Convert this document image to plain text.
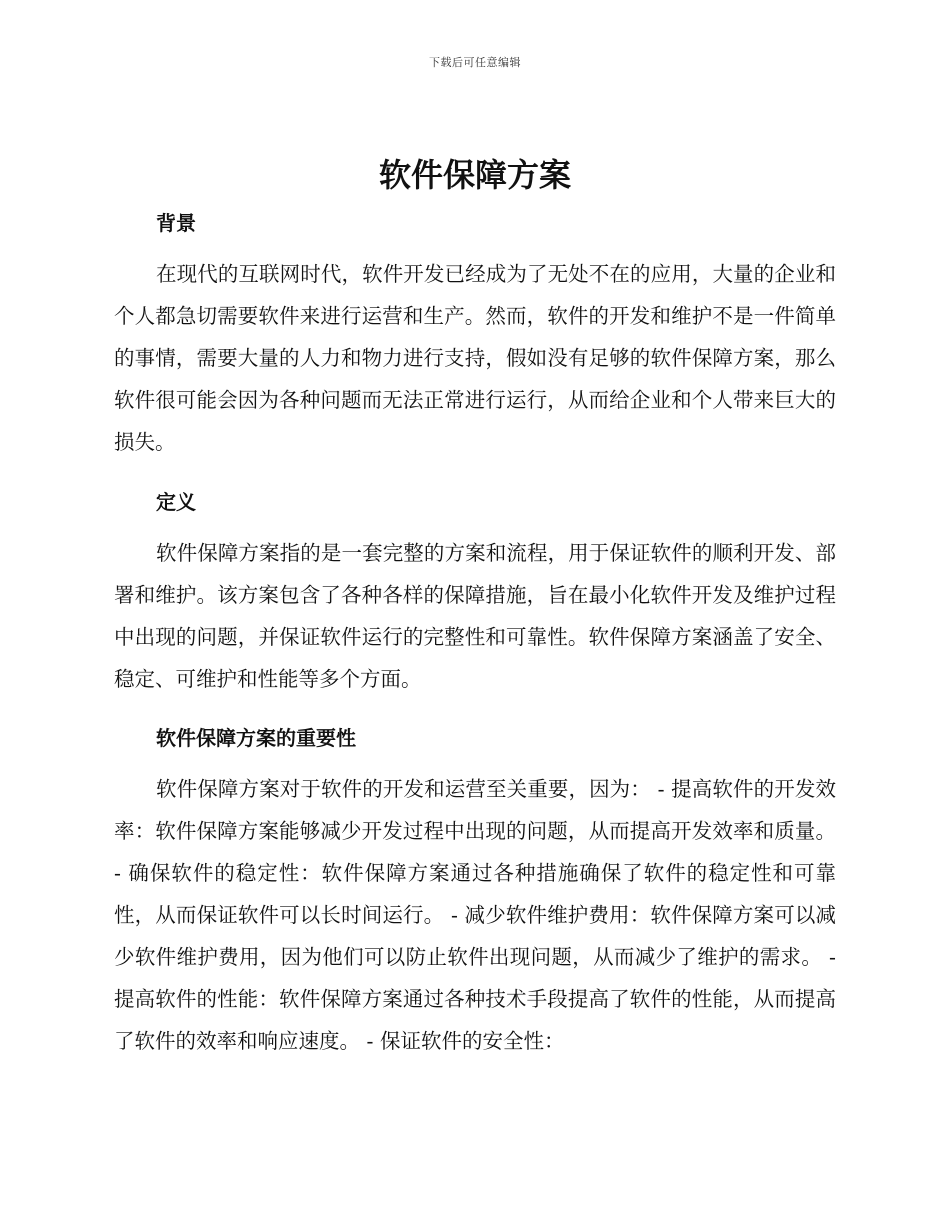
下载后可任意编辑
软件保障方案
背景

在现代的互联网时代，软件开发已经成为了无处不在的应用，大量的企业和个人都急切需要软件来进行运营和生产。然而，软件的开发和维护不是一件简单的事情，需要大量的人力和物力进行支持，假如没有足够的软件保障方案，那么软件很可能会因为各种问题而无法正常进行运行，从而给企业和个人带来巨大的损失。

定义

软件保障方案指的是一套完整的方案和流程，用于保证软件的顺利开发、部署和维护。该方案包含了各种各样的保障措施，旨在最小化软件开发及维护过程中出现的问题，并保证软件运行的完整性和可靠性。软件保障方案涵盖了安全、稳定、可维护和性能等多个方面。

软件保障方案的重要性

软件保障方案对于软件的开发和运营至关重要，因为： - 提高软件的开发效率：软件保障方案能够减少开发过程中出现的问题，从而提高开发效率和质量。 - 确保软件的稳定性：软件保障方案通过各种措施确保了软件的稳定性和可靠性，从而保证软件可以长时间运行。 - 减少软件维护费用：软件保障方案可以减少软件维护费用，因为他们可以防止软件出现问题，从而减少了维护的需求。 - 提高软件的性能：软件保障方案通过各种技术手段提高了软件的性能，从而提高了软件的效率和响应速度。 - 保证软件的安全性：
